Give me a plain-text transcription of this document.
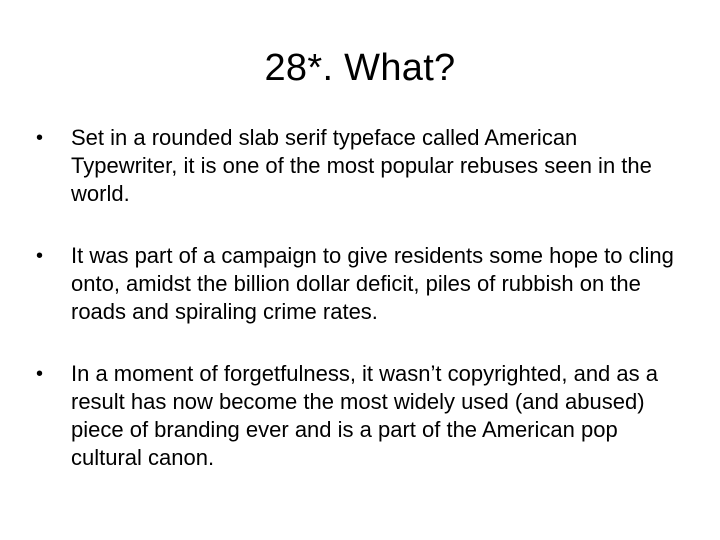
28*. What?
• Set in a rounded slab serif typeface called American Typewriter, it is one of the most popular rebuses seen in the world.
• It was part of a campaign to give residents some hope to cling onto, amidst the billion dollar deficit, piles of rubbish on the roads and spiraling crime rates.
• In a moment of forgetfulness, it wasn’t copyrighted, and as a result has now become the most widely used (and abused) piece of branding ever and is a part of the American pop cultural canon.
